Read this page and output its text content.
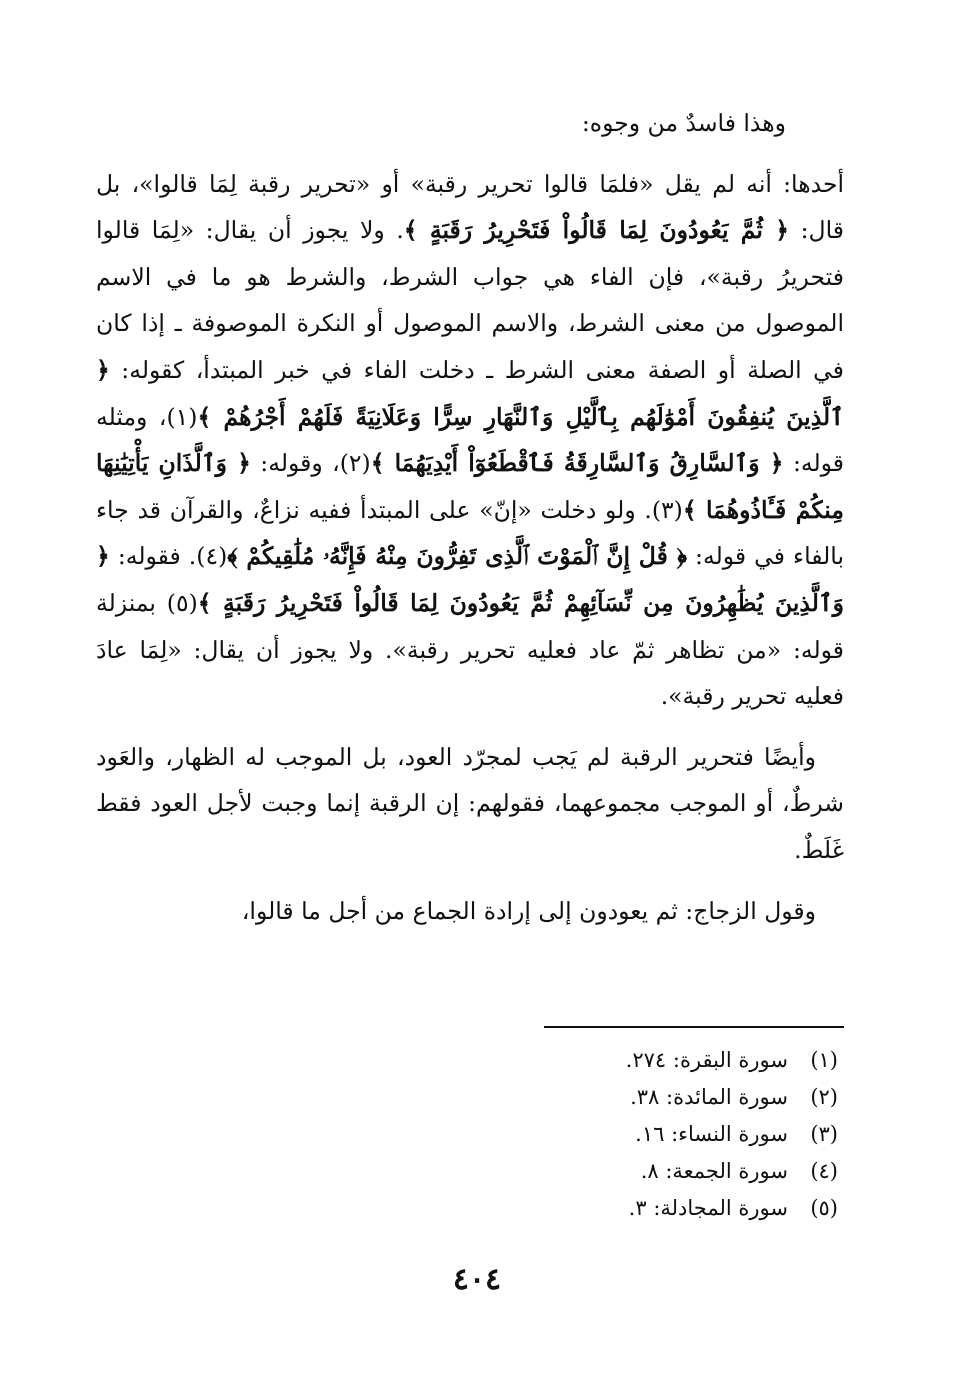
وهذا فاسدٌ من وجوه:

أحدها: أنه لم يقل «فلمَا قالوا تحرير رقبة» أو «تحرير رقبة لِمَا قالوا»، بل قال: ﴿ ثُمَّ يَعُودُونَ لِمَا قَالُواْ فَتَحْرِيرُ رَقَبَةٍ ﴾. ولا يجوز أن يقال: «لِمَا قالوا فتحريرُ رقبة»، فإن الفاء هي جواب الشرط، والشرط هو ما في الاسم الموصول من معنى الشرط، والاسم الموصول أو النكرة الموصوفة ـ إذا كان في الصلة أو الصفة معنى الشرط ـ دخلت الفاء في خبر المبتدأ، كقوله: ﴿ ٱلَّذِينَ يُنفِقُونَ أَمْوَٰلَهُم بِٱلَّيْلِ وَٱلنَّهَارِ سِرًّا وَعَلَانِيَةً فَلَهُمْ أَجْرُهُمْ ﴾(١)، ومثله قوله: ﴿ وَٱلسَّارِقُ وَٱلسَّارِقَةُ فَٱقْطَعُوٓاْ أَيْدِيَهُمَا ﴾(٢)، وقوله: ﴿ وَٱلَّذَانِ يَأْتِيَٰنِهَا مِنكُمْ فَـَٔاذُوهُمَا ﴾(٣). ولو دخلت «إنّ» على المبتدأ ففيه نزاعٌ، والقرآن قد جاء بالفاء في قوله: ﴿ قُلْ إِنَّ ٱلْمَوْتَ ٱلَّذِى تَفِرُّونَ مِنْهُ فَإِنَّهُۥ مُلَٰقِيكُمْ ﴾(٤). فقوله: ﴿ وَٱلَّذِينَ يُظَٰهِرُونَ مِن نِّسَآئِهِمْ ثُمَّ يَعُودُونَ لِمَا قَالُواْ فَتَحْرِيرُ رَقَبَةٍ ﴾(٥) بمنزلة قوله: «من تظاهر ثمّ عاد فعليه تحرير رقبة». ولا يجوز أن يقال: «لِمَا عادَ فعليه تحرير رقبة».

وأيضًا فتحرير الرقبة لم يَجب لمجرّد العود، بل الموجب له الظهار، والعَود شرطٌ، أو الموجب مجموعهما، فقولهم: إن الرقبة إنما وجبت لأجل العود فقط غَلَطٌ.

وقول الزجاج: ثم يعودون إلى إرادة الجماع من أجل ما قالوا،

(١)سورة البقرة: ٢٧٤.
(٢)سورة المائدة: ٣٨.
(٣)سورة النساء: ١٦.
(٤)سورة الجمعة: ٨.
(٥)سورة المجادلة: ٣.
٤٠٤
